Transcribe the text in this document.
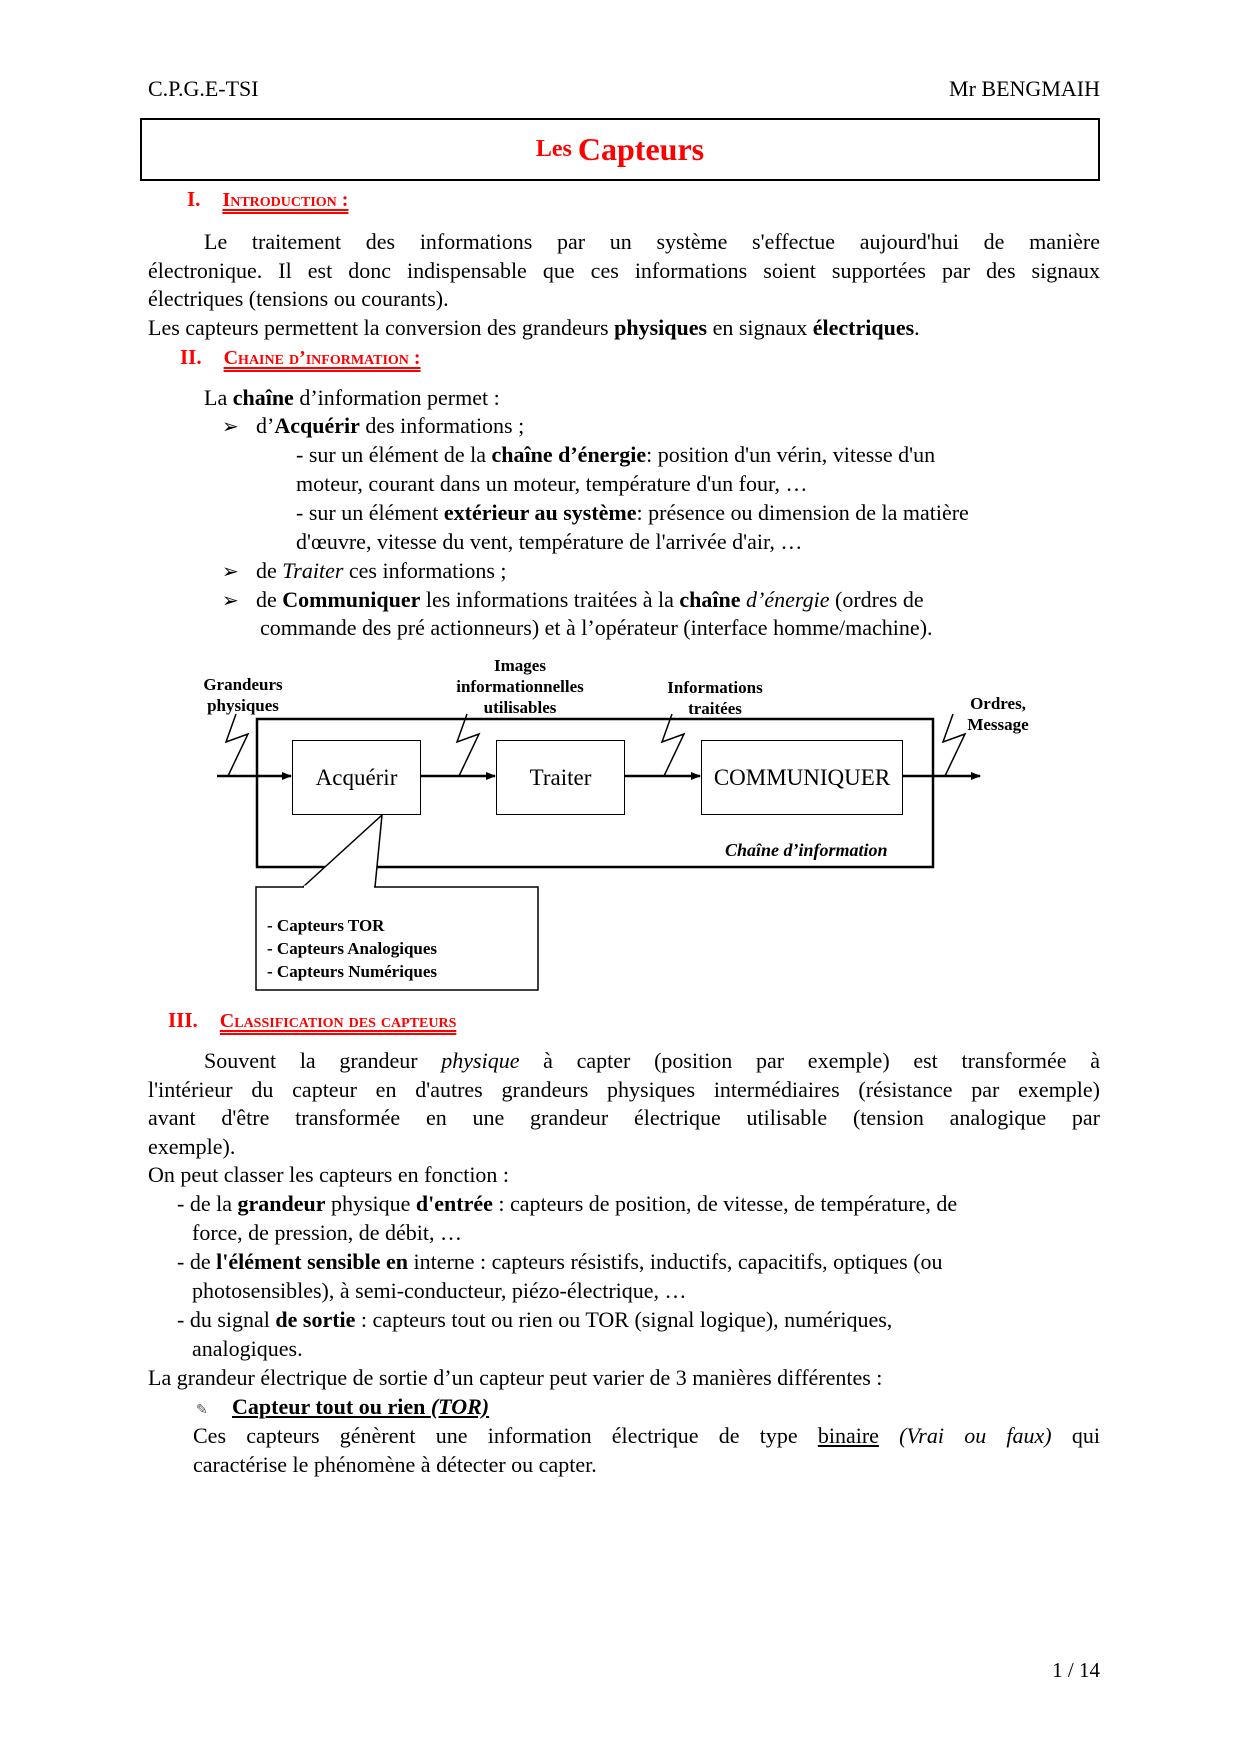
C.P.G.E-TSI	Mr BENGMAIH
Les Capteurs
I. Introduction :
Le traitement des informations par un système s'effectue aujourd'hui de manière
électronique. Il est donc indispensable que ces informations soient supportées par des signaux
électriques (tensions ou courants).
Les capteurs permettent la conversion des grandeurs physiques en signaux électriques.
II. Chaine d’information :
La chaîne d’information permet :
➢ d’Acquérir des informations ;
- sur un élément de la chaîne d’énergie: position d'un vérin, vitesse d'un
moteur, courant dans un moteur, température d'un four, …
- sur un élément extérieur au système: présence ou dimension de la matière
d'œuvre, vitesse du vent, température de l'arrivée d'air, …
➢ de Traiter ces informations ;
➢ de Communiquer les informations traitées à la chaîne d’énergie (ordres de
commande des pré actionneurs) et à l’opérateur (interface homme/machine).
Grandeurs
physiques
Images
informationnelles
utilisables
Informations
traitées	Ordres,
Message
Acquérir	Traiter	COMMUNIQUER
Chaîne d’information
- Capteurs TOR
- Capteurs Analogiques
- Capteurs Numériques
III. Classification des capteurs
Souvent la grandeur physique à capter (position par exemple) est transformée à
l'intérieur du capteur en d'autres grandeurs physiques intermédiaires (résistance par exemple)
avant d'être transformée en une grandeur électrique utilisable (tension analogique par
exemple).
On peut classer les capteurs en fonction :
- de la grandeur physique d'entrée : capteurs de position, de vitesse, de température, de
force, de pression, de débit, …
- de l'élément sensible en interne : capteurs résistifs, inductifs, capacitifs, optiques (ou
photosensibles), à semi-conducteur, piézo-électrique, …
- du signal de sortie : capteurs tout ou rien ou TOR (signal logique), numériques,
analogiques.
La grandeur électrique de sortie d’un capteur peut varier de 3 manières différentes :
✎ Capteur tout ou rien (TOR)
Ces capteurs génèrent une information électrique de type binaire (Vrai ou faux) qui
caractérise le phénomène à détecter ou capter.
1 / 14
